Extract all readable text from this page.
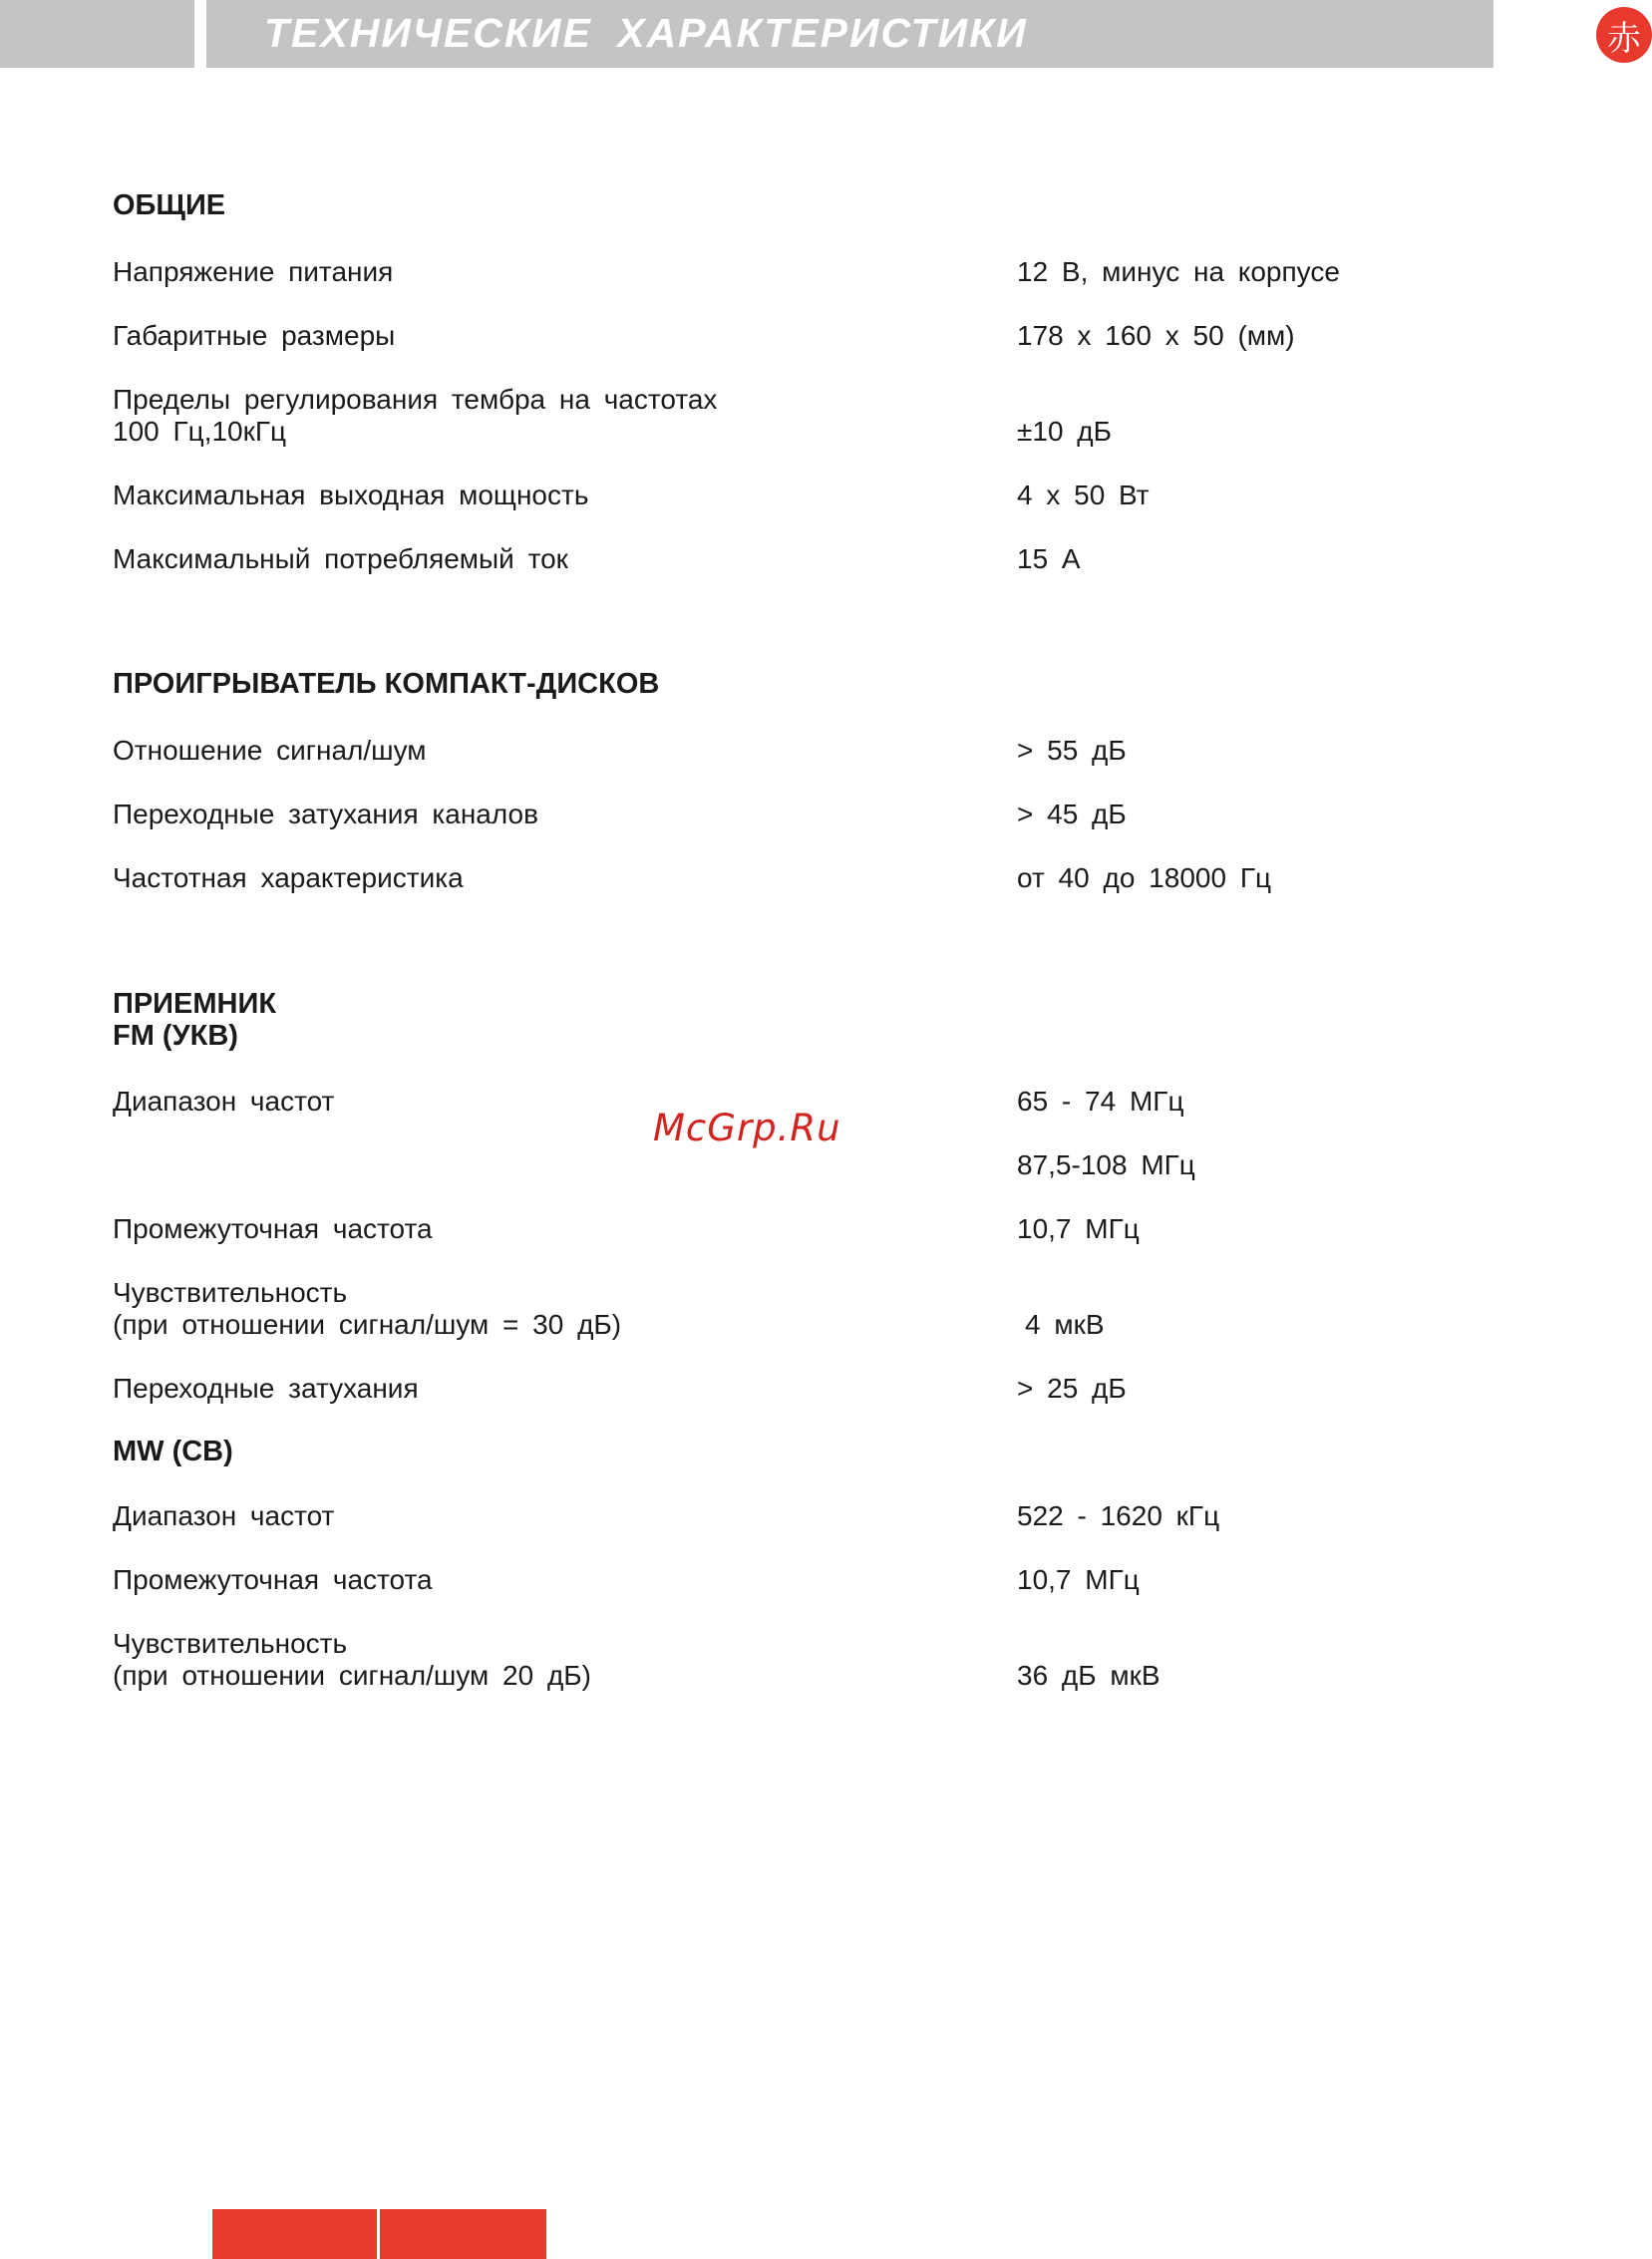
ТЕХНИЧЕСКИЕ ХАРАКТЕРИСТИКИ	赤
ОБЩИЕ
Напряжение питания	12 В, минус на корпусе
Габаритные размеры	178 x 160 x 50 (мм)
Пределы регулирования тембра на частотах
100 Гц,10кГц	±10 дБ
Максимальная выходная мощность	4 x 50 Вт
Максимальный потребляемый ток	15 А
ПРОИГРЫВАТЕЛЬ КОМПАКТ-ДИСКОВ
Отношение сигнал/шум	> 55 дБ
Переходные затухания каналов	> 45 дБ
Частотная характеристика	от 40 до 18000 Гц
ПРИЕМНИК
FM (УКВ)
Диапазон частот	65 - 74 МГц
87,5-108 МГц
Промежуточная частота	10,7 МГц
Чувствительность
(при отношении сигнал/шум = 30 дБ)	4 мкВ
Переходные затухания	> 25 дБ
MW (СВ)
Диапазон частот	522 - 1620 кГц
Промежуточная частота	10,7 МГц
Чувствительность
(при отношении сигнал/шум 20 дБ)	36 дБ мкВ
McGrp.Ru
